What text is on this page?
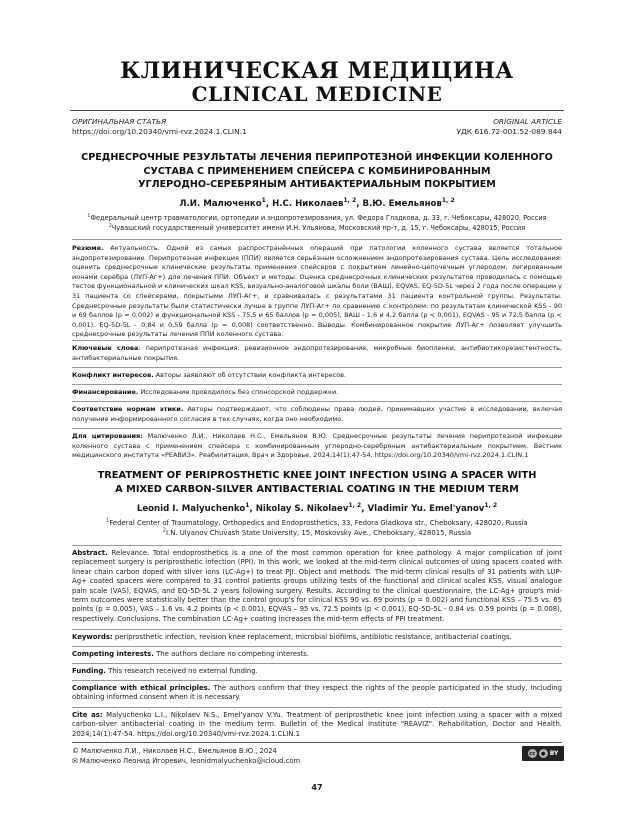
КЛИНИЧЕСКАЯ МЕДИЦИНА
CLINICAL MEDICINE
ОРИГИНАЛЬНАЯ СТАТЬЯ
https://doi.org/10.20340/vmi-rvz.2024.1.CLIN.1
ORIGINAL ARTICLE
УДК 616.72-001.52-089.844
СРЕДНЕСРОЧНЫЕ РЕЗУЛЬТАТЫ ЛЕЧЕНИЯ ПЕРИПРОТЕЗНОЙ ИНФЕКЦИИ КОЛЕННОГО
СУСТАВА С ПРИМЕНЕНИЕМ СПЕЙСЕРА С КОМБИНИРОВАННЫМ
УГЛЕРОДНО-СЕРЕБРЯНЫМ АНТИБАКТЕРИАЛЬНЫМ ПОКРЫТИЕМ
Л.И. Малюченко$^1$, Н.С. Николаев$^{1, 2}$, В.Ю. Емельянов$^{1, 2}$
$^1$Федеральный центр травматологии, ортопедии и эндопротезирования, ул. Федора Гладкова, д. 33, г. Чебоксары, 428020, Россия
$^2$Чувашский государственный университет имени И.Н. Ульянова, Московский пр-т, д. 15, г. Чебоксары, 428015, Россия
Резюме. Актуальность. Одной из самых распространённых операций при патологии коленного сустава является тотальное эндопротезирование. Перипротезная инфекция (ППИ) является серьёзным осложнением эндопротезирования сустава. Цель исследования: оценить среднесрочные клинические результаты применения спейсеров с покрытием линейно-цепочечным углеродом, легированным ионами серебра (ЛУП-Аг+) для лечения ППИ. Объект и методы. Оценка среднесрочных клинических результатов проводилась с помощью тестов функциональной и клинических шкал KSS, визуально-аналоговой шкалы боли (ВАШ), EQVAS, EQ-5D-5L через 2 года после операции у 31 пациента со спейсерами, покрытыми ЛУП-Аг+, и сравнивалась с результатами 31 пациента контрольной группы. Результаты. Среднесрочные результаты были статистически лучше в группе ЛУП-Аг+ по сравнению с контролем: по результатам клинической KSS - 90 и 69 баллов (p = 0,002) и функциональной KSS - 75,5 и 65 баллов (p = 0,005), ВАШ - 1,6 и 4,2 балла (p < 0,001), EQVAS - 95 и 72,5 балла (p < 0,001), EQ-5D-5L - 0,84 и 0,59 балла (p = 0,008) соответственно. Выводы. Комбинированное покрытие ЛУП-Аг+ позволяет улучшить среднесрочные результаты лечения ППИ коленного сустава.
Ключевые слова: перипротезная инфекция, ревизионное эндопротезирование, микробные биопленки, антибиотикорезистентность, антибактериальные покрытия.
Конфликт интересов. Авторы заявляют об отсутствии конфликта интересов.
Финансирование. Исследование проводилось без спонсорской поддержки.
Соответствие нормам этики. Авторы подтверждают, что соблюдены права людей, принимавших участие в исследовании, включая получение информированного согласия в тех случаях, когда оно необходимо.
Для цитирования: Малюченко Л.И., Николаев Н.С., Емельянов В.Ю. Среднесрочные результаты лечения перипротезной инфекции коленного сустава с применением спейсера с комбинированным углеродно-серебряным антибактериальным покрытием. Вестник медицинского института «РЕАВИЗ». Реабилитация, Врач и Здоровье. 2024;14(1):47-54. https://doi.org/10.20340/vmi-rvz.2024.1.CLIN.1
TREATMENT OF PERIPROSTHETIC KNEE JOINT INFECTION USING A SPACER WITH
A MIXED CARBON-SILVER ANTIBACTERIAL COATING IN THE MEDIUM TERM
Leonid I. Malyuchenko$^1$, Nikolay S. Nikolaev$^{1, 2}$, Vladimir Yu. Emel'yanov$^{1, 2}$
$^1$Federal Center of Traumatology, Orthopedics and Endoprosthetics, 33, Fedora Gladkova str., Cheboksary, 428020, Russia
$^2$I.N. Ulyanov Chuvash State University, 15, Moskovsky Ave., Cheboksary, 428015, Russia
Abstract. Relevance. Total endoprosthetics is a one of the most common operation for knee pathology. A major complication of joint replacement surgery is periprosthetic infection (PPI). In this work, we looked at the mid-term clinical outcomes of using spacers coated with linear chain carbon doped with silver ions (LC-Ag+) to treat PJI. Object and methods. The mid-term clinical results of 31 patients with LUP-Ag+ coated spacers were compared to 31 control patients groups utilizing tests of the functional and clinical scales KSS, visual analogue pain scale (VAS), EQVAS, and EQ-5D-5L 2 years following surgery. Results. According to the clinical questionnaire, the LC-Ag+ group's mid-term outcomes were statistically better than the control group's for clinical KSS 90 vs. 69 points (p = 0.002) and functional KSS – 75.5 vs. 65 points (p = 0.005), VAS – 1.6 vs. 4.2 points (p < 0.001), EQVAS – 95 vs. 72.5 points (p < 0.001), EQ-5D-5L - 0.84 vs. 0.59 points (p = 0.008), respectively. Conclusions. The combination LC-Ag+ coating increases the mid-term effects of PPI treatment.
Keywords: periprosthetic infection, revision knee replacement, microbial biofilms, antibiotic resistance, antibacterial coatings.
Competing interests. The authors declare no competing interests.
Funding. This research received no external funding.
Compliance with ethical principles. The authors confirm that they respect the rights of the people participated in the study, including obtaining informed consent when it is necessary.
Cite as: Malyuchenko L.I., Nikolaev N.S., Emel'yanov V.Yu. Treatment of periprosthetic knee joint infection using a spacer with a mixed carbon-silver antibacterial coating in the medium term. Bulletin of the Medical Institute "REAVIZ". Rehabilitation, Doctor and Health. 2024;14(1):47-54. https://doi.org/10.20340/vmi-rvz.2024.1.CLIN.1
© Малюченко Л.И., Николаев Н.С., Емельянов В.Ю., 2024
✉ Малюченко Леонид Игоревич, leonidmalyuchenko@icloud.com
cc	● BY
47
